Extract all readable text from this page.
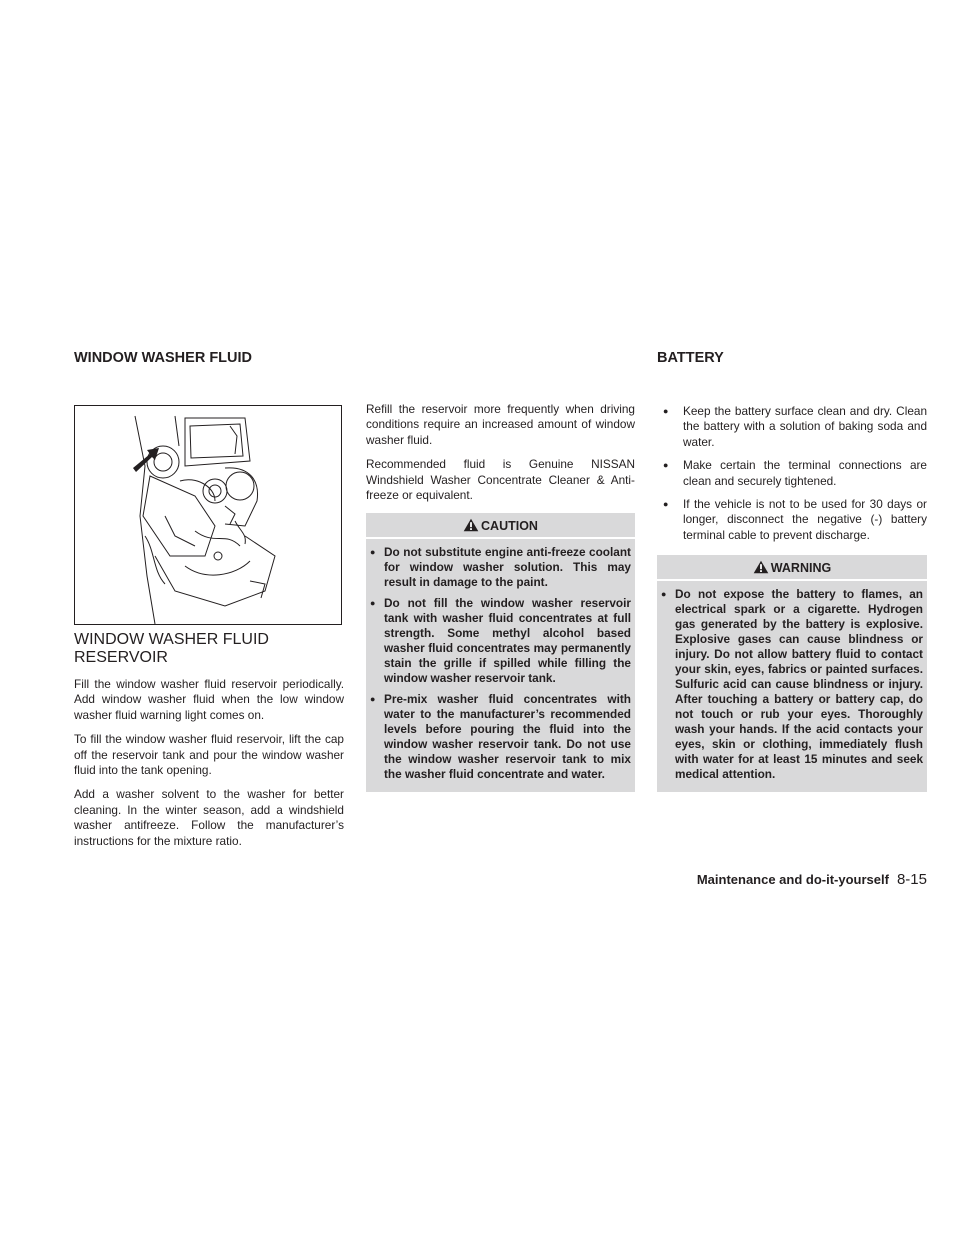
WINDOW WASHER FLUID
WINDOW WASHER FLUID RESERVOIR

Fill the window washer fluid reservoir periodically. Add window washer fluid when the low window washer fluid warning light comes on.

To fill the window washer fluid reservoir, lift the cap off the reservoir tank and pour the window washer fluid into the tank opening.

Add a washer solvent to the washer for better cleaning. In the winter season, add a windshield washer antifreeze. Follow the manufacturer’s instructions for the mixture ratio.

Refill the reservoir more frequently when driving conditions require an increased amount of window washer fluid.

Recommended fluid is Genuine NISSAN Windshield Washer Concentrate Cleaner & Anti-freeze or equivalent.

CAUTION
● Do not substitute engine anti-freeze coolant for window washer solution. This may result in damage to the paint.
● Do not fill the window washer reservoir tank with washer fluid concentrates at full strength. Some methyl alcohol based washer fluid concentrates may permanently stain the grille if spilled while filling the window washer reservoir tank.
● Pre-mix washer fluid concentrates with water to the manufacturer’s recommended levels before pouring the fluid into the window washer reservoir tank. Do not use the window washer reservoir tank to mix the washer fluid concentrate and water.
BATTERY
● Keep the battery surface clean and dry. Clean the battery with a solution of baking soda and water.
● Make certain the terminal connections are clean and securely tightened.
● If the vehicle is not to be used for 30 days or longer, disconnect the negative (-) battery terminal cable to prevent discharge.
WARNING
● Do not expose the battery to flames, an electrical spark or a cigarette. Hydrogen gas generated by the battery is explosive. Explosive gases can cause blindness or injury. Do not allow battery fluid to contact your skin, eyes, fabrics or painted surfaces. Sulfuric acid can cause blindness or injury. After touching a battery or battery cap, do not touch or rub your eyes. Thoroughly wash your hands. If the acid contacts your eyes, skin or clothing, immediately flush with water for at least 15 minutes and seek medical attention.
Maintenance and do-it-yourself 8-15
